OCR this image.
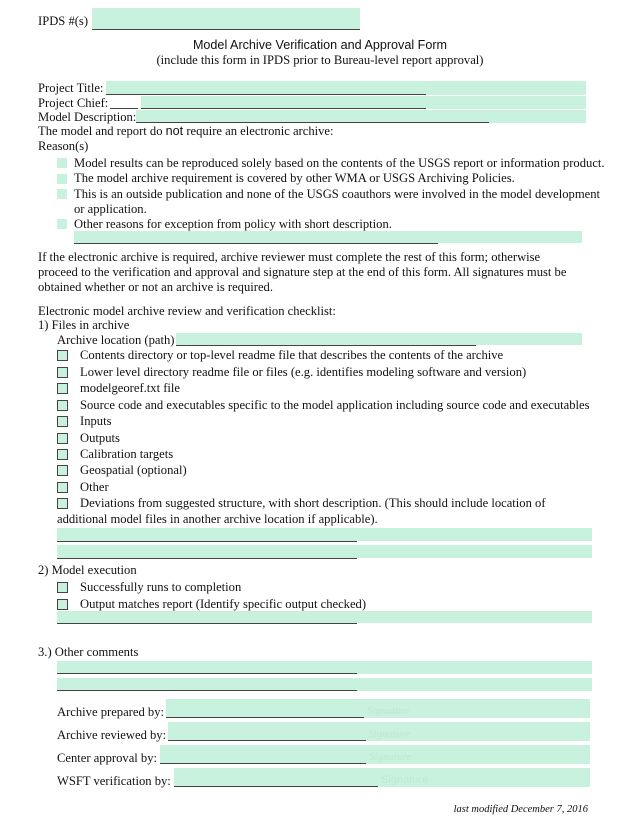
IPDS #(s)
Model Archive Verification and Approval Form
(include this form in IPDS prior to Bureau-level report approval)
Project Title:
Project Chief:
Model Description:
The model and report do not require an electronic archive:
Reason(s)
Model results can be reproduced solely based on the contents of the USGS report or information product.
The model archive requirement is covered by other WMA or USGS Archiving Policies.
This is an outside publication and none of the USGS coauthors were involved in the model development
or application.
Other reasons for exception from policy with short description.
If the electronic archive is required, archive reviewer must complete the rest of this form; otherwise
proceed to the verification and approval and signature step at the end of this form. All signatures must be
obtained whether or not an archive is required.
Electronic model archive review and verification checklist:
1) Files in archive
Archive location (path)
Contents directory or top-level readme file that describes the contents of the archive
Lower level directory readme file or files (e.g. identifies modeling software and version)
modelgeoref.txt file
Source code and executables specific to the model application including source code and executables
Inputs
Outputs
Calibration targets
Geospatial (optional)
Other
Deviations from suggested structure, with short description. (This should include location of
additional model files in another archive location if applicable).
2) Model execution
Successfully runs to completion
Output matches report (Identify specific output checked)
3.) Other comments
Archive prepared by:	Signature
Archive reviewed by:	Signature
Center approval by:	Signature
WSFT verification by:	Signature
last modified December 7, 2016
